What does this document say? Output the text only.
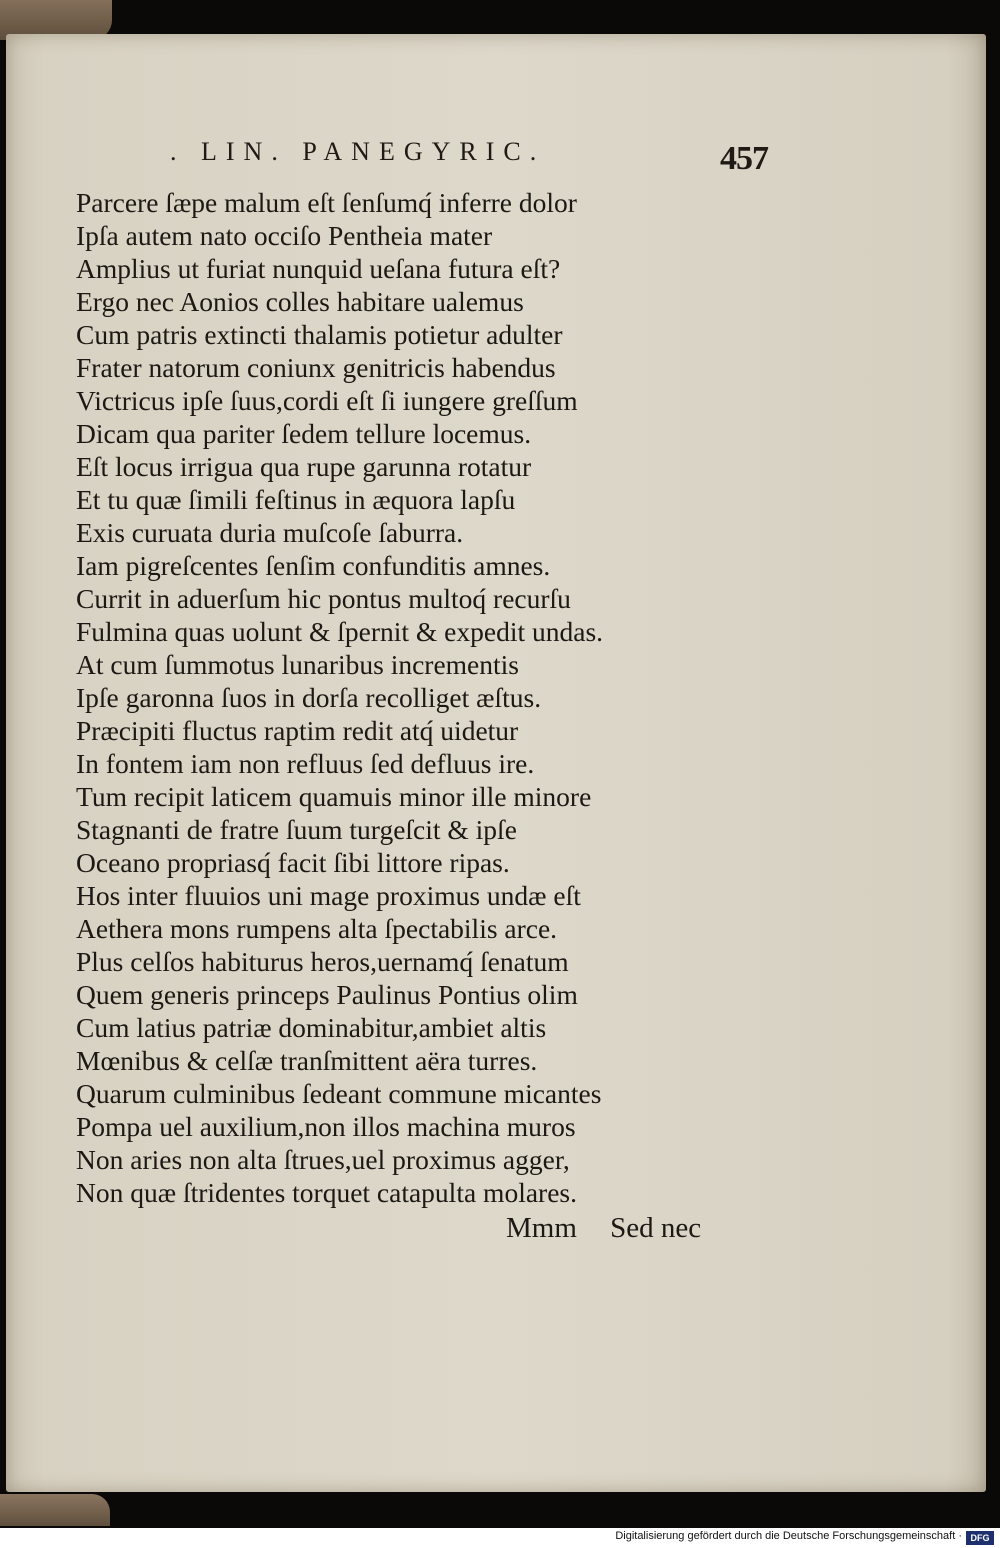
. LIN. PANEGYRIC.	457
Parcere ſæpe malum eſt ſenſumq́ inferre dolor
Ipſa autem nato occiſo Pentheia mater
Amplius ut furiat nunquid ueſana futura eſt?
Ergo nec Aonios colles habitare ualemus
Cum patris extincti thalamis potietur adulter
Frater natorum coniunx genitricis habendus
Victricus ipſe ſuus,cordi eſt ſi iungere greſſum
Dicam qua pariter ſedem tellure locemus.
Eſt locus irrigua qua rupe garunna rotatur
Et tu quæ ſimili feſtinus in æquora lapſu
Exis curuata duria muſcoſe ſaburra.
Iam pigreſcentes ſenſim confunditis amnes.
Currit in aduerſum hic pontus multoq́ recurſu
Fulmina quas uolunt & ſpernit & expedit undas.
At cum ſummotus lunaribus incrementis
Ipſe garonna ſuos in dorſa recolliget æſtus.
Præcipiti fluctus raptim redit atq́ uidetur
In fontem iam non refluus ſed defluus ire.
Tum recipit laticem quamuis minor ille minore
Stagnanti de fratre ſuum turgeſcit & ipſe
Oceano propriasq́ facit ſibi littore ripas.
Hos inter fluuios uni mage proximus undæ eſt
Aethera mons rumpens alta ſpectabilis arce.
Plus celſos habiturus heros,uernamq́ ſenatum
Quem generis princeps Paulinus Pontius olim
Cum latius patriæ dominabitur,ambiet altis
Mœnibus & celſæ tranſmittent aëra turres.
Quarum culminibus ſedeant commune micantes
Pompa uel auxilium,non illos machina muros
Non aries non alta ſtrues,uel proximus agger,
Non quæ ſtridentes torquet catapulta molares.
Mmm Sed nec
Digitalisierung gefördert durch die Deutsche Forschungsgemeinschaft · DFG
